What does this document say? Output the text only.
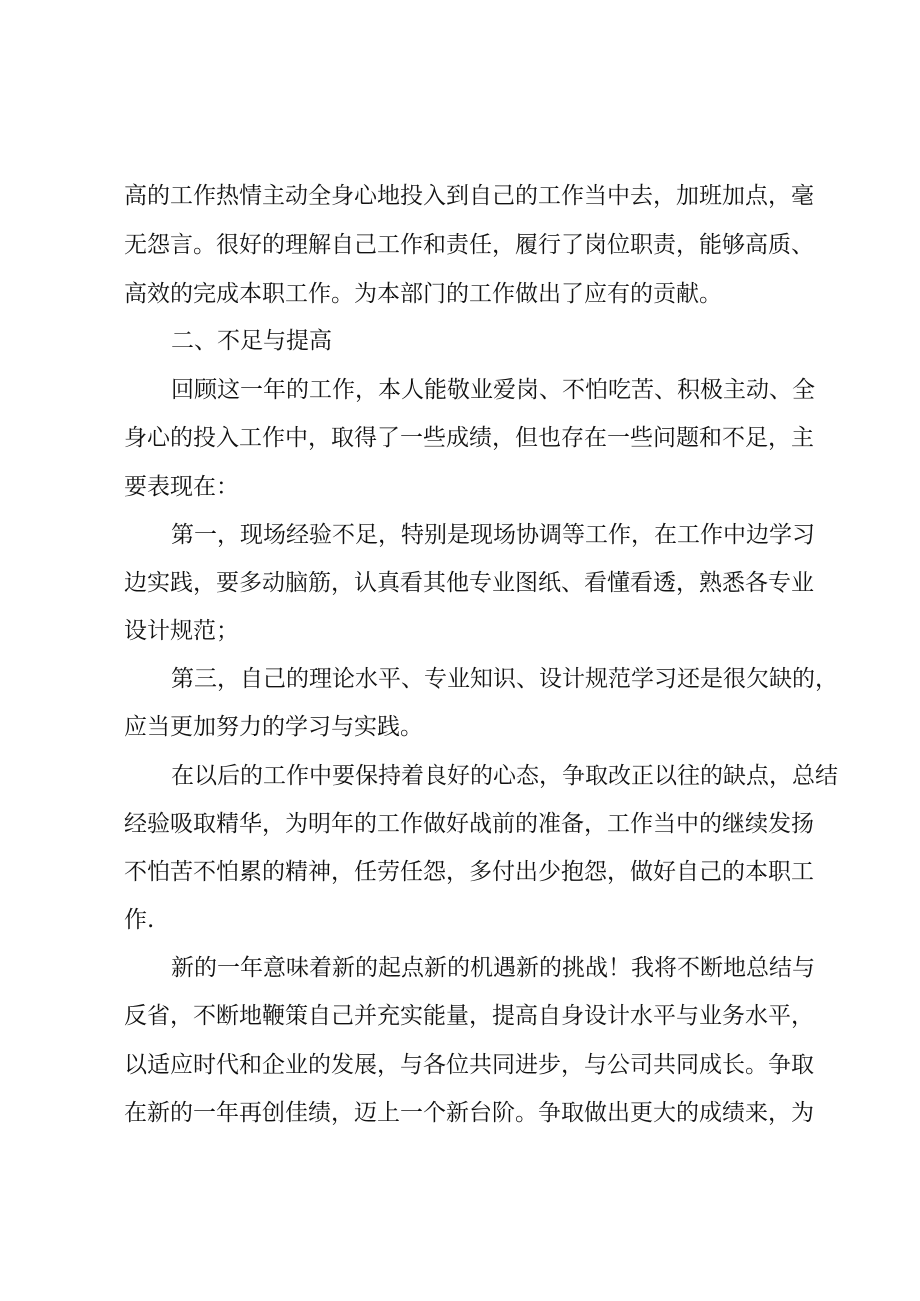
高的工作热情主动全身心地投入到自己的工作当中去，加班加点，毫
无怨言。很好的理解自己工作和责任，履行了岗位职责，能够高质、
高效的完成本职工作。为本部门的工作做出了应有的贡献。
二、不足与提高
回顾这一年的工作，本人能敬业爱岗、不怕吃苦、积极主动、全
身心的投入工作中，取得了一些成绩，但也存在一些问题和不足，主
要表现在：
第一，现场经验不足，特别是现场协调等工作，在工作中边学习
边实践，要多动脑筋，认真看其他专业图纸、看懂看透，熟悉各专业
设计规范；
第三，自己的理论水平、专业知识、设计规范学习还是很欠缺的，
应当更加努力的学习与实践。
在以后的工作中要保持着良好的心态，争取改正以往的缺点，总结
经验吸取精华，为明年的工作做好战前的准备，工作当中的继续发扬
不怕苦不怕累的精神，任劳任怨，多付出少抱怨，做好自己的本职工
作.
新的一年意味着新的起点新的机遇新的挑战！我将不断地总结与
反省，不断地鞭策自己并充实能量，提高自身设计水平与业务水平，
以适应时代和企业的发展，与各位共同进步，与公司共同成长。争取
在新的一年再创佳绩，迈上一个新台阶。争取做出更大的成绩来，为
